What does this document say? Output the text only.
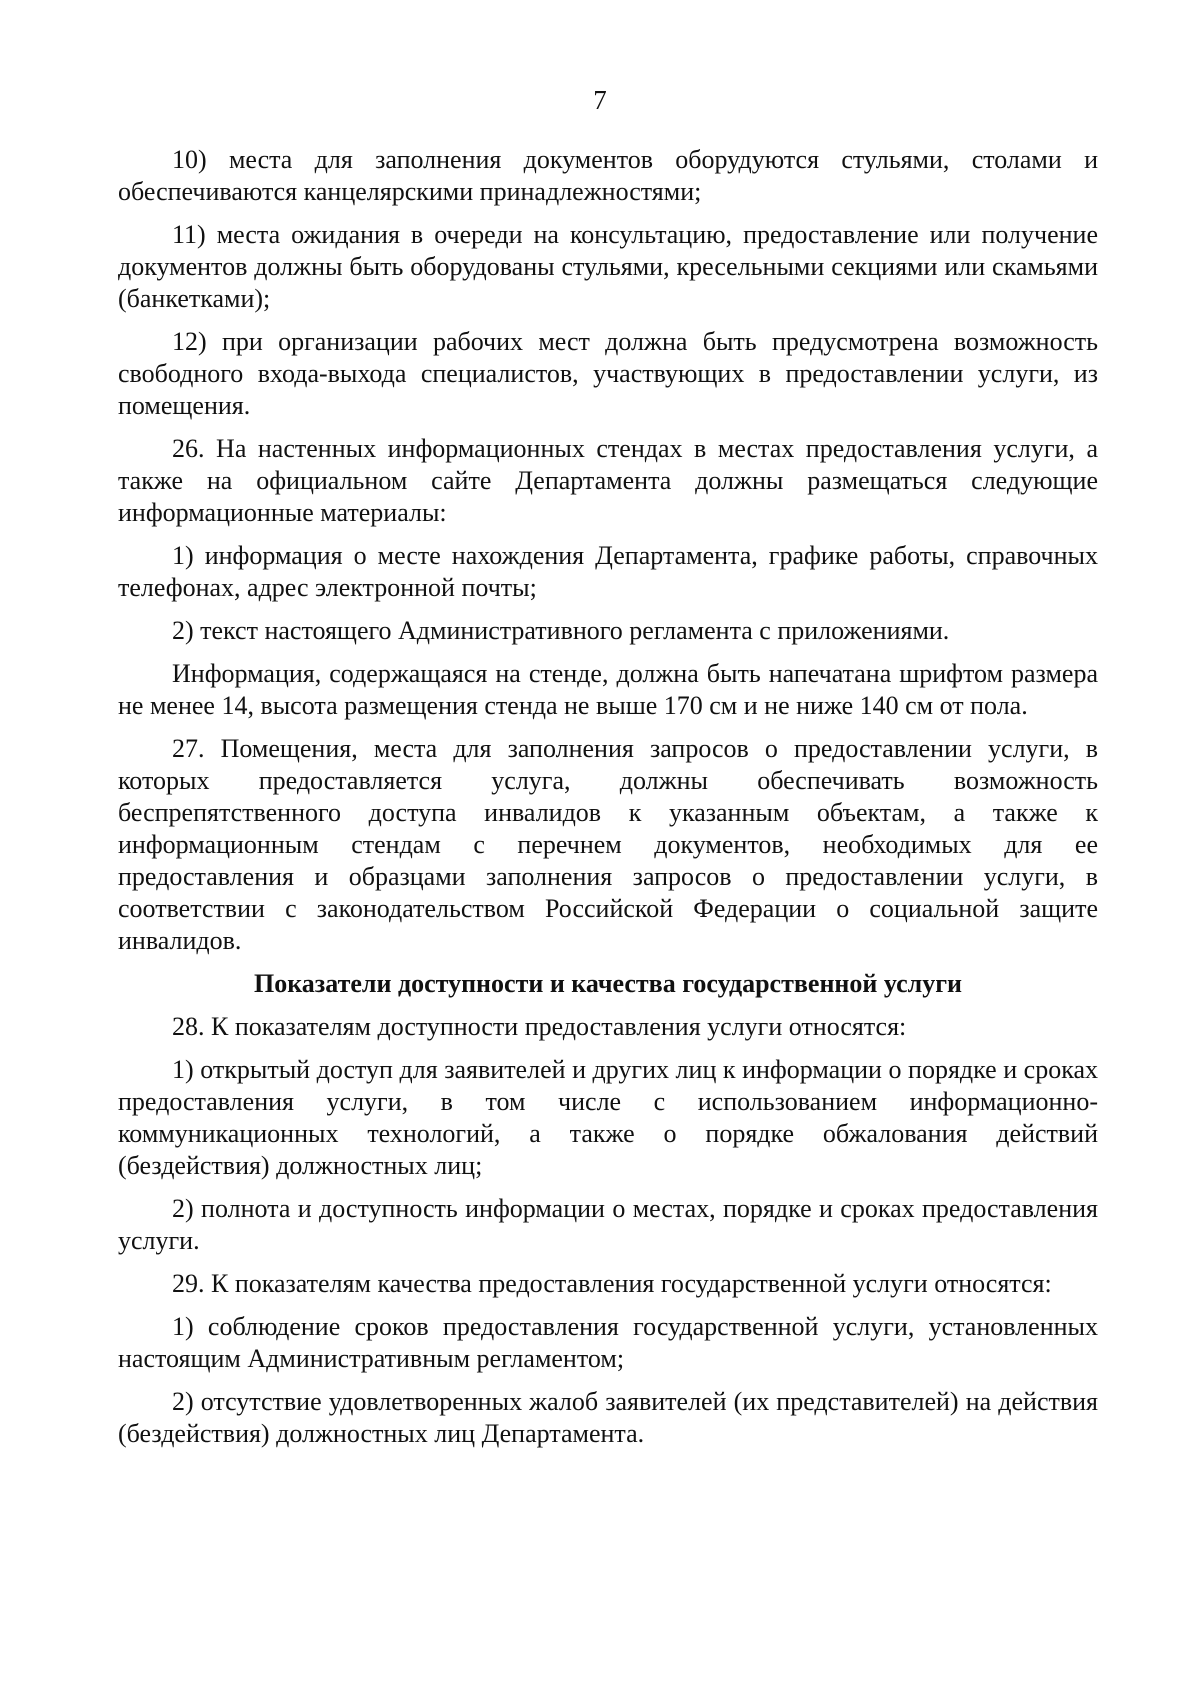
7

10) места для заполнения документов оборудуются стульями, столами и обеспечиваются канцелярскими принадлежностями;

11) места ожидания в очереди на консультацию, предоставление или получение документов должны быть оборудованы стульями, кресельными секциями или скамьями (банкетками);

12) при организации рабочих мест должна быть предусмотрена возможность свободного входа-выхода специалистов, участвующих в предоставлении услуги, из помещения.

26. На настенных информационных стендах в местах предоставления услуги, а также на официальном сайте Департамента должны размещаться следующие информационные материалы:

1) информация о месте нахождения Департамента, графике работы, справочных телефонах, адрес электронной почты;

2) текст настоящего Административного регламента с приложениями.

Информация, содержащаяся на стенде, должна быть напечатана шрифтом размера не менее 14, высота размещения стенда не выше 170 см и не ниже 140 см от пола.

27. Помещения, места для заполнения запросов о предоставлении услуги, в которых предоставляется услуга, должны обеспечивать возможность беспрепятственного доступа инвалидов к указанным объектам, а также к информационным стендам с перечнем документов, необходимых для ее предоставления и образцами заполнения запросов о предоставлении услуги, в соответствии с законодательством Российской Федерации о социальной защите инвалидов.

Показатели доступности и качества государственной услуги

28. К показателям доступности предоставления услуги относятся:

1) открытый доступ для заявителей и других лиц к информации о порядке и сроках предоставления услуги, в том числе с использованием информационно-коммуникационных технологий, а также о порядке обжалования действий (бездействия) должностных лиц;

2) полнота и доступность информации о местах, порядке и сроках предоставления услуги.

29. К показателям качества предоставления государственной услуги относятся:

1) соблюдение сроков предоставления государственной услуги, установленных настоящим Административным регламентом;

2) отсутствие удовлетворенных жалоб заявителей (их представителей) на действия (бездействия) должностных лиц Департамента.
